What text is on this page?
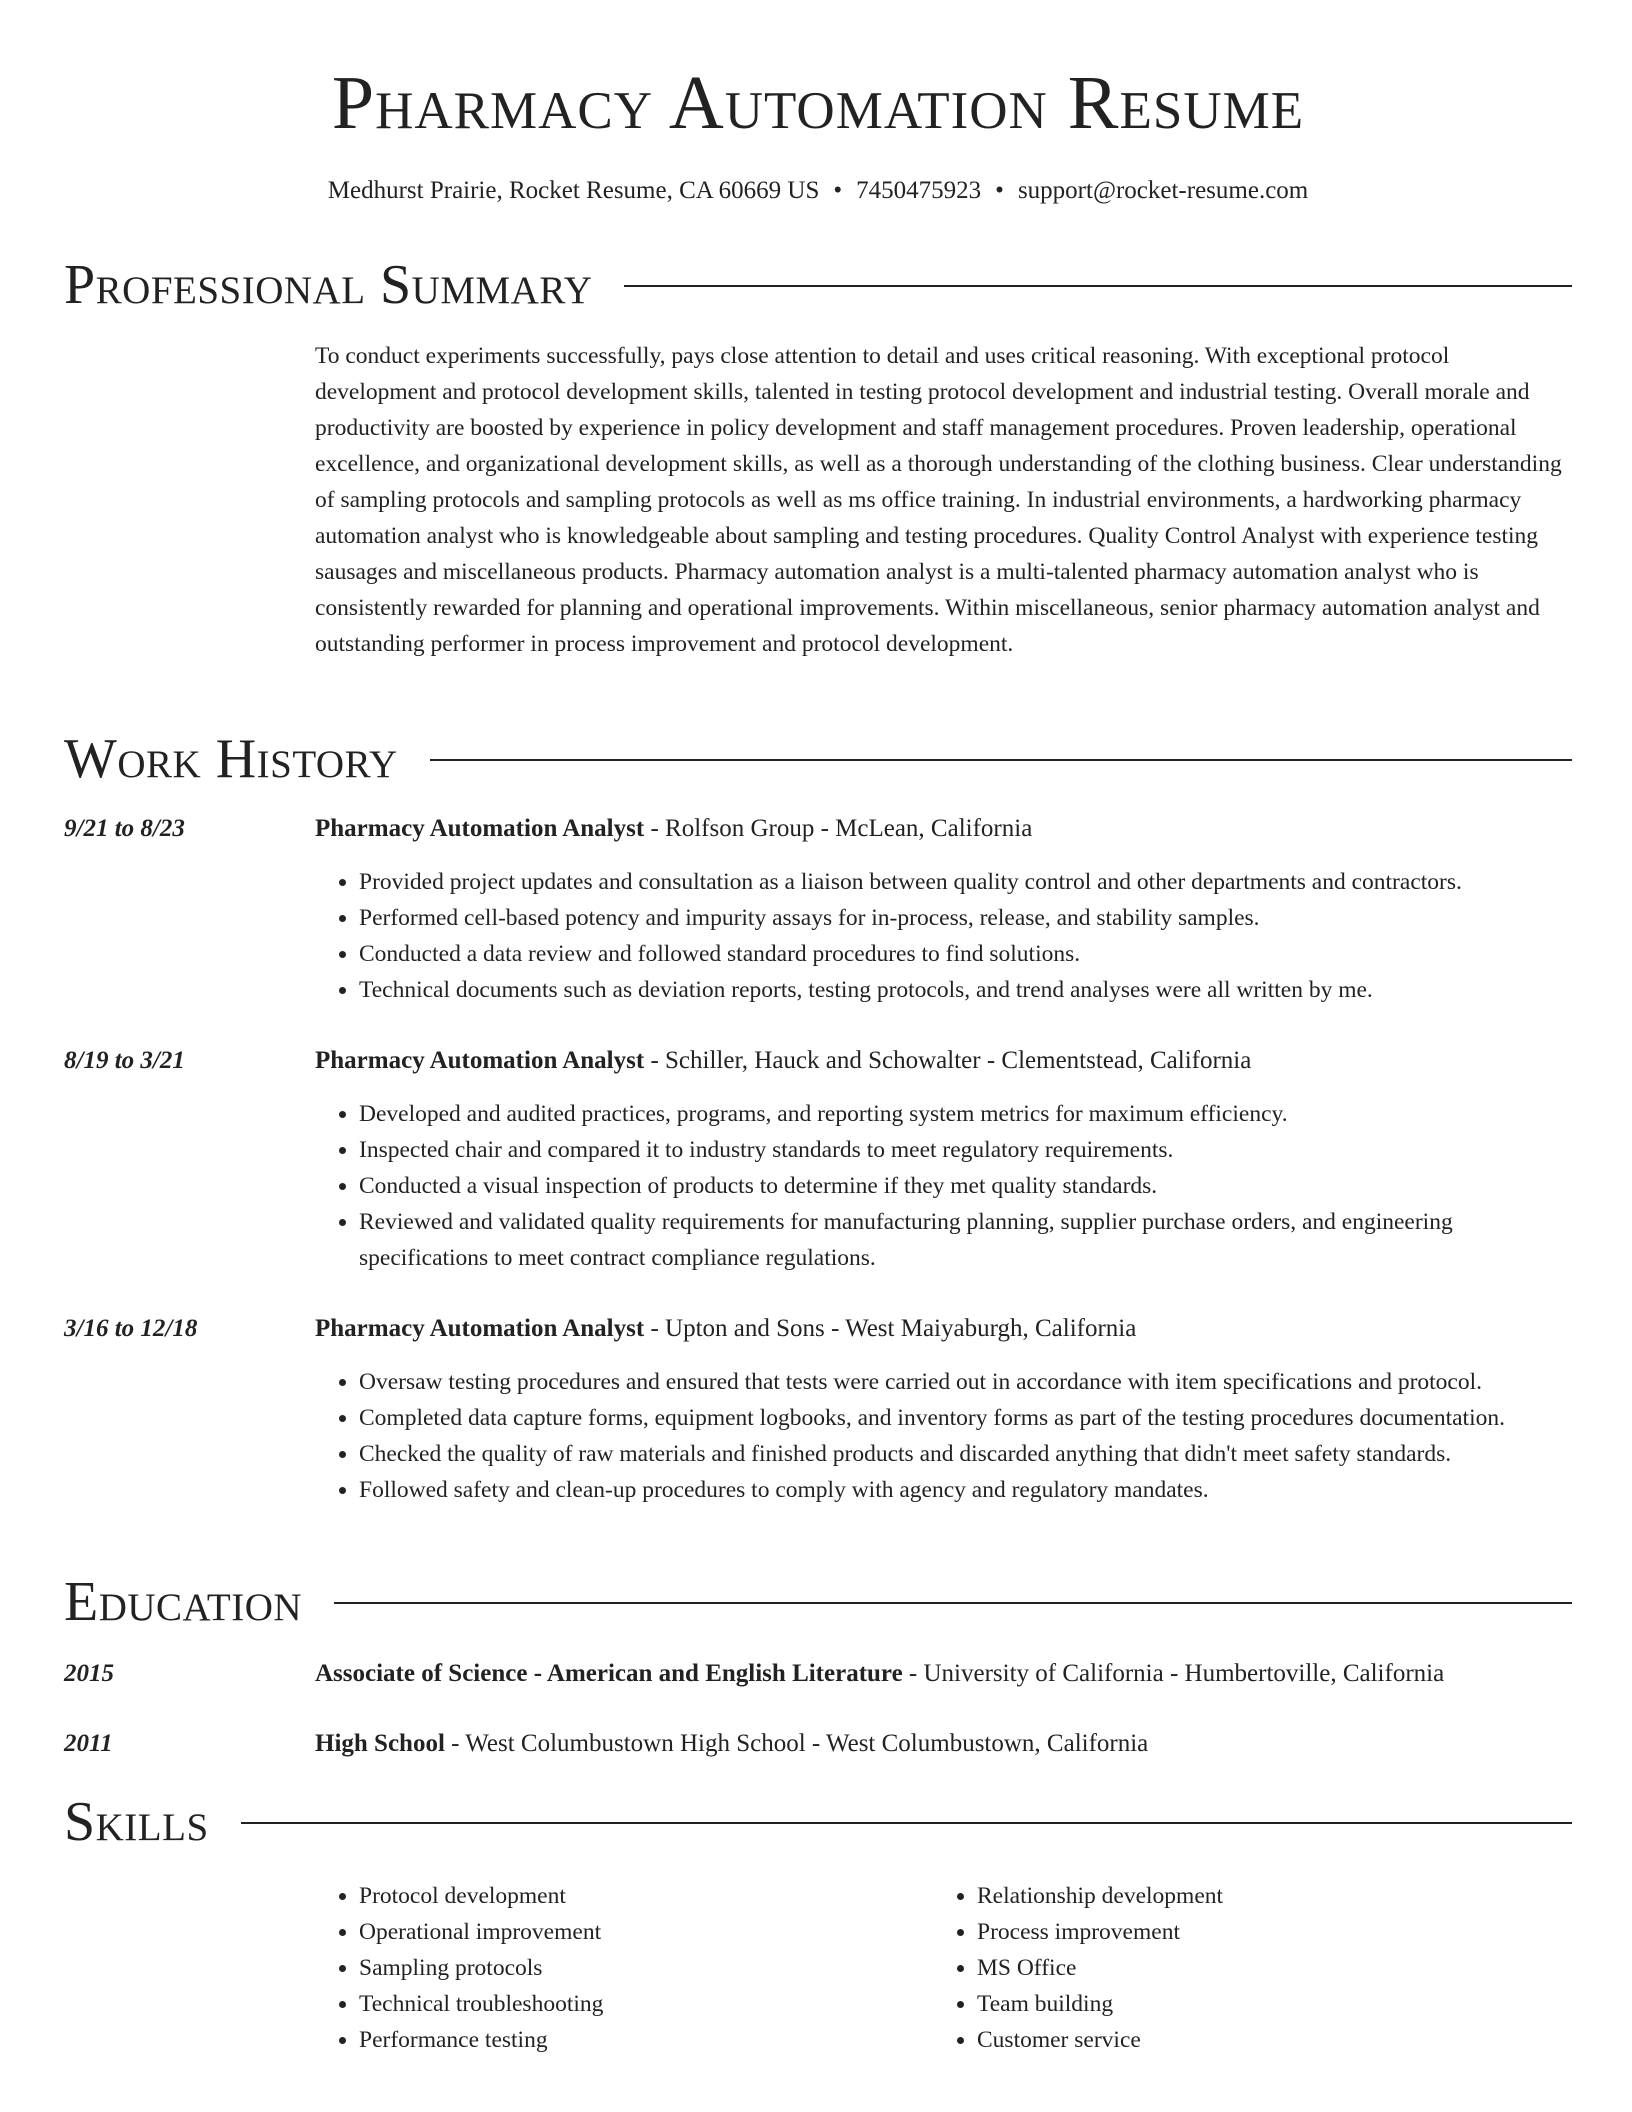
Pharmacy Automation Resume
Medhurst Prairie, Rocket Resume, CA 60669 US • 7450475923 • support@rocket-resume.com
Professional Summary
To conduct experiments successfully, pays close attention to detail and uses critical reasoning. With exceptional protocol development and protocol development skills, talented in testing protocol development and industrial testing. Overall morale and productivity are boosted by experience in policy development and staff management procedures. Proven leadership, operational excellence, and organizational development skills, as well as a thorough understanding of the clothing business. Clear understanding of sampling protocols and sampling protocols as well as ms office training. In industrial environments, a hardworking pharmacy automation analyst who is knowledgeable about sampling and testing procedures. Quality Control Analyst with experience testing sausages and miscellaneous products. Pharmacy automation analyst is a multi-talented pharmacy automation analyst who is consistently rewarded for planning and operational improvements. Within miscellaneous, senior pharmacy automation analyst and outstanding performer in process improvement and protocol development.
Work History
9/21 to 8/23	Pharmacy Automation Analyst - Rolfson Group - McLean, California
• Provided project updates and consultation as a liaison between quality control and other departments and contractors.
• Performed cell-based potency and impurity assays for in-process, release, and stability samples.
• Conducted a data review and followed standard procedures to find solutions.
• Technical documents such as deviation reports, testing protocols, and trend analyses were all written by me.
8/19 to 3/21	Pharmacy Automation Analyst - Schiller, Hauck and Schowalter - Clementstead, California
• Developed and audited practices, programs, and reporting system metrics for maximum efficiency.
• Inspected chair and compared it to industry standards to meet regulatory requirements.
• Conducted a visual inspection of products to determine if they met quality standards.
• Reviewed and validated quality requirements for manufacturing planning, supplier purchase orders, and engineering specifications to meet contract compliance regulations.
3/16 to 12/18	Pharmacy Automation Analyst - Upton and Sons - West Maiyaburgh, California
• Oversaw testing procedures and ensured that tests were carried out in accordance with item specifications and protocol.
• Completed data capture forms, equipment logbooks, and inventory forms as part of the testing procedures documentation.
• Checked the quality of raw materials and finished products and discarded anything that didn't meet safety standards.
• Followed safety and clean-up procedures to comply with agency and regulatory mandates.
Education
2015	Associate of Science - American and English Literature - University of California - Humbertoville, California
2011	High School - West Columbustown High School - West Columbustown, California
Skills
• Protocol development
• Operational improvement
• Sampling protocols
• Technical troubleshooting
• Performance testing
• Relationship development
• Process improvement
• MS Office
• Team building
• Customer service
